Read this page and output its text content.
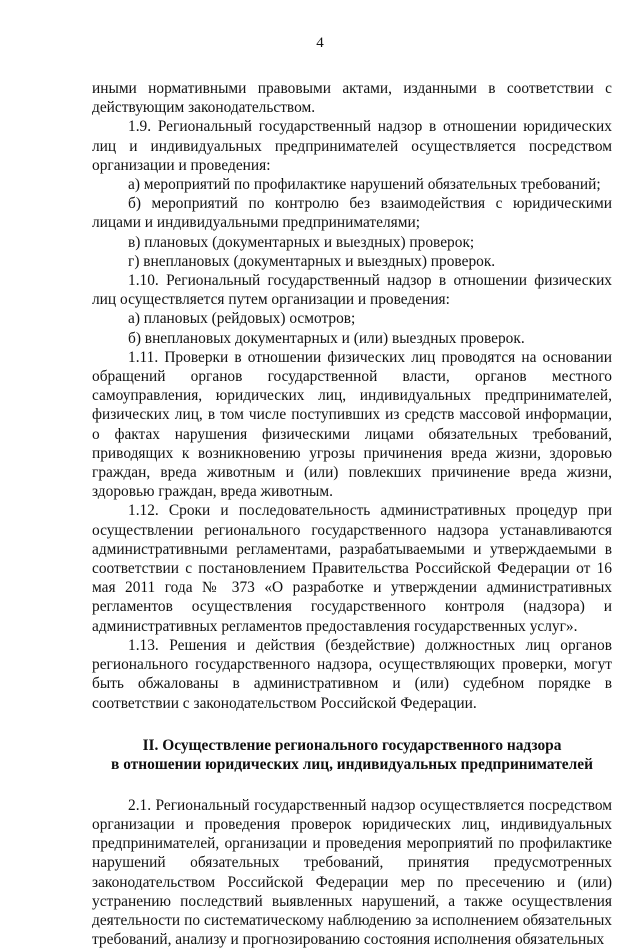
4

иными нормативными правовыми актами, изданными в соответствии с действующим законодательством.

1.9. Региональный государственный надзор в отношении юридических лиц и индивидуальных предпринимателей осуществляется посредством организации и проведения:

а) мероприятий по профилактике нарушений обязательных требований;

б) мероприятий по контролю без взаимодействия с юридическими лицами и индивидуальными предпринимателями;

в) плановых (документарных и выездных) проверок;

г) внеплановых (документарных и выездных) проверок.

1.10. Региональный государственный надзор в отношении физических лиц осуществляется путем организации и проведения:

а) плановых (рейдовых) осмотров;

б) внеплановых документарных и (или) выездных проверок.

1.11. Проверки в отношении физических лиц проводятся на основании обращений органов государственной власти, органов местного самоуправления, юридических лиц, индивидуальных предпринимателей, физических лиц, в том числе поступивших из средств массовой информации, о фактах нарушения физическими лицами обязательных требований, приводящих к возникновению угрозы причинения вреда жизни, здоровью граждан, вреда животным и (или) повлекших причинение вреда жизни, здоровью граждан, вреда животным.

1.12. Сроки и последовательность административных процедур при осуществлении регионального государственного надзора устанавливаются административными регламентами, разрабатываемыми и утверждаемыми в соответствии с постановлением Правительства Российской Федерации от 16 мая 2011 года № 373 «О разработке и утверждении административных регламентов осуществления государственного контроля (надзора) и административных регламентов предоставления государственных услуг».

1.13. Решения и действия (бездействие) должностных лиц органов регионального государственного надзора, осуществляющих проверки, могут быть обжалованы в административном и (или) судебном порядке в соответствии с законодательством Российской Федерации.

II. Осуществление регионального государственного надзора
в отношении юридических лиц, индивидуальных предпринимателей

2.1. Региональный государственный надзор осуществляется посредством организации и проведения проверок юридических лиц, индивидуальных предпринимателей, организации и проведения мероприятий по профилактике нарушений обязательных требований, принятия предусмотренных законодательством Российской Федерации мер по пресечению и (или) устранению последствий выявленных нарушений, а также осуществления деятельности по систематическому наблюдению за исполнением обязательных требований, анализу и прогнозированию состояния исполнения обязательных
